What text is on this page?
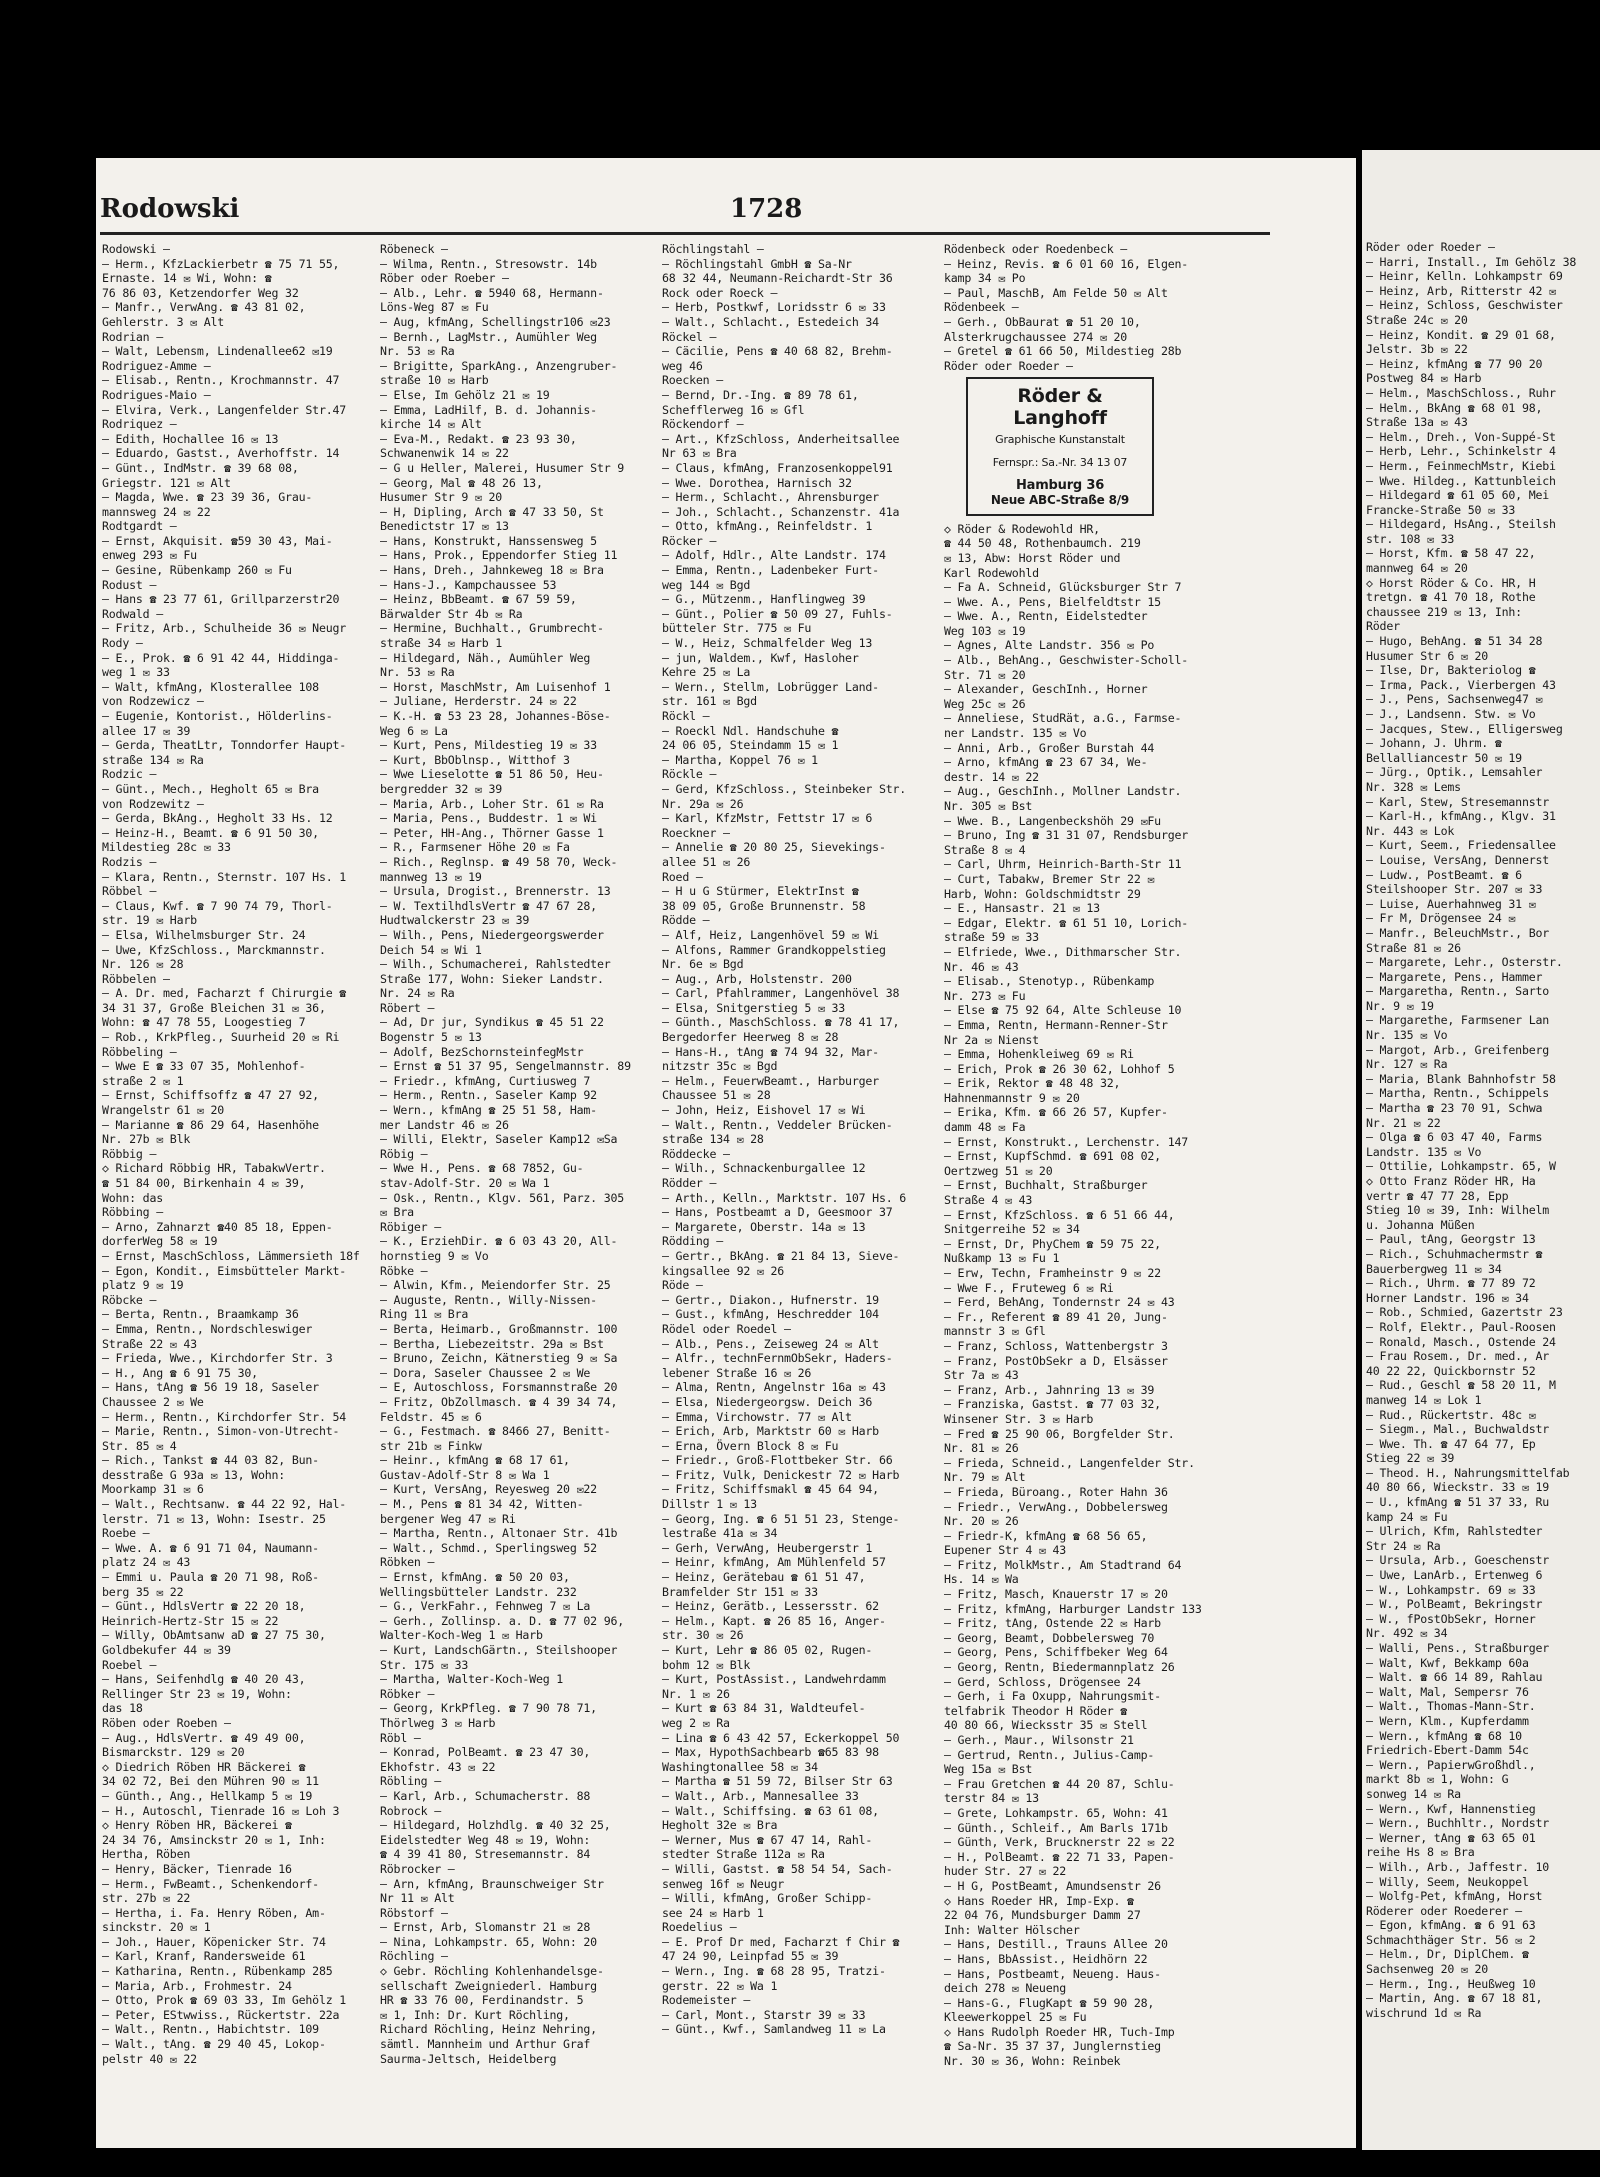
Rodowski	1728
Rodowski —
— Herm., KfzLackierbetr ☎ 75 71 55,
Ernaste. 14 ✉ Wi, Wohn: ☎
76 86 03, Ketzendorfer Weg 32
— Manfr., VerwAng. ☎ 43 81 02,
Gehlerstr. 3 ✉ Alt
Rodrian —
— Walt, Lebensm, Lindenallee62 ✉19
Rodriguez-Amme —
— Elisab., Rentn., Krochmannstr. 47
Rodrigues-Maio —
— Elvira, Verk., Langenfelder Str.47
Rodriquez —
— Edith, Hochallee 16 ✉ 13
— Eduardo, Gastst., Averhoffstr. 14
— Günt., IndMstr. ☎ 39 68 08,
Griegstr. 121 ✉ Alt
— Magda, Wwe. ☎ 23 39 36, Grau-
mannsweg 24 ✉ 22
Rodtgardt —
— Ernst, Akquisit. ☎59 30 43, Mai-
enweg 293 ✉ Fu
— Gesine, Rübenkamp 260 ✉ Fu
Rodust —
— Hans ☎ 23 77 61, Grillparzerstr20
Rodwald —
— Fritz, Arb., Schulheide 36 ✉ Neugr
Rody —
— E., Prok. ☎ 6 91 42 44, Hiddinga-
weg 1 ✉ 33
— Walt, kfmAng, Klosterallee 108
von Rodzewicz —
— Eugenie, Kontorist., Hölderlins-
allee 17 ✉ 39
— Gerda, TheatLtr, Tonndorfer Haupt-
straße 134 ✉ Ra
Rodzic —
— Günt., Mech., Hegholt 65 ✉ Bra
von Rodzewitz —
— Gerda, BkAng., Hegholt 33 Hs. 12
— Heinz-H., Beamt. ☎ 6 91 50 30,
Mildestieg 28c ✉ 33
Rodzis —
— Klara, Rentn., Sternstr. 107 Hs. 1
Röbbel —
— Claus, Kwf. ☎ 7 90 74 79, Thorl-
str. 19 ✉ Harb
— Elsa, Wilhelmsburger Str. 24
— Uwe, KfzSchloss., Marckmannstr.
Nr. 126 ✉ 28
Röbbelen —
— A. Dr. med, Facharzt f Chirurgie ☎
34 31 37, Große Bleichen 31 ✉ 36,
Wohn: ☎ 47 78 55, Loogestieg 7
— Rob., KrkPfleg., Suurheid 20 ✉ Ri
Röbbeling —
— Wwe E ☎ 33 07 35, Mohlenhof-
straße 2 ✉ 1
— Ernst, Schiffsoffz ☎ 47 27 92,
Wrangelstr 61 ✉ 20
— Marianne ☎ 86 29 64, Hasenhöhe
Nr. 27b ✉ Blk
Röbbig —
◇ Richard Röbbig HR, TabakwVertr.
☎ 51 84 00, Birkenhain 4 ✉ 39,
Wohn: das
Röbbing —
— Arno, Zahnarzt ☎40 85 18, Eppen-
dorferWeg 58 ✉ 19
— Ernst, MaschSchloss, Lämmersieth 18f
— Egon, Kondit., Eimsbütteler Markt-
platz 9 ✉ 19
Röbcke —
— Berta, Rentn., Braamkamp 36
— Emma, Rentn., Nordschleswiger
Straße 22 ✉ 43
— Frieda, Wwe., Kirchdorfer Str. 3
— H., Ang ☎ 6 91 75 30,
— Hans, tAng ☎ 56 19 18, Saseler
Chaussee 2 ✉ We
— Herm., Rentn., Kirchdorfer Str. 54
— Marie, Rentn., Simon-von-Utrecht-
Str. 85 ✉ 4
— Rich., Tankst ☎ 44 03 82, Bun-
desstraße G 93a ✉ 13, Wohn:
Moorkamp 31 ✉ 6
— Walt., Rechtsanw. ☎ 44 22 92, Hal-
lerstr. 71 ✉ 13, Wohn: Isestr. 25
Roebe —
— Wwe. A. ☎ 6 91 71 04, Naumann-
platz 24 ✉ 43
— Emmi u. Paula ☎ 20 71 98, Roß-
berg 35 ✉ 22
— Günt., HdlsVertr ☎ 22 20 18,
Heinrich-Hertz-Str 15 ✉ 22
— Willy, ObAmtsanw aD ☎ 27 75 30,
Goldbekufer 44 ✉ 39
Roebel —
— Hans, Seifenhdlg ☎ 40 20 43,
Rellinger Str 23 ✉ 19, Wohn:
das 18
Röben oder Roeben —
— Aug., HdlsVertr. ☎ 49 49 00,
Bismarckstr. 129 ✉ 20
◇ Diedrich Röben HR Bäckerei ☎
34 02 72, Bei den Mühren 90 ✉ 11
— Günth., Ang., Hellkamp 5 ✉ 19
— H., Autoschl, Tienrade 16 ✉ Loh 3
◇ Henry Röben HR, Bäckerei ☎
24 34 76, Amsinckstr 20 ✉ 1, Inh:
Hertha, Röben
— Henry, Bäcker, Tienrade 16
— Herm., FwBeamt., Schenkendorf-
str. 27b ✉ 22
— Hertha, i. Fa. Henry Röben, Am-
sinckstr. 20 ✉ 1
— Joh., Hauer, Köpenicker Str. 74
— Karl, Kranf, Randersweide 61
— Katharina, Rentn., Rübenkamp 285
— Maria, Arb., Frohmestr. 24
— Otto, Prok ☎ 69 03 33, Im Gehölz 1
— Peter, EStwwiss., Rückertstr. 22a
— Walt., Rentn., Habichtstr. 109
— Walt., tAng. ☎ 29 40 45, Lokop-
pelstr 40 ✉ 22
Röbeneck —
— Wilma, Rentn., Stresowstr. 14b
Röber oder Roeber —
— Alb., Lehr. ☎ 5940 68, Hermann-
Löns-Weg 87 ✉ Fu
— Aug, kfmAng, Schellingstr106 ✉23
— Bernh., LagMstr., Aumühler Weg
Nr. 53 ✉ Ra
— Brigitte, SparkAng., Anzengruber-
straße 10 ✉ Harb
— Else, Im Gehölz 21 ✉ 19
— Emma, LadHilf, B. d. Johannis-
kirche 14 ✉ Alt
— Eva-M., Redakt. ☎ 23 93 30,
Schwanenwik 14 ✉ 22
— G u Heller, Malerei, Husumer Str 9
— Georg, Mal ☎ 48 26 13,
Husumer Str 9 ✉ 20
— H, Dipling, Arch ☎ 47 33 50, St
Benedictstr 17 ✉ 13
— Hans, Konstrukt, Hanssensweg 5
— Hans, Prok., Eppendorfer Stieg 11
— Hans, Dreh., Jahnkeweg 18 ✉ Bra
— Hans-J., Kampchaussee 53
— Heinz, BbBeamt. ☎ 67 59 59,
Bärwalder Str 4b ✉ Ra
— Hermine, Buchhalt., Grumbrecht-
straße 34 ✉ Harb 1
— Hildegard, Näh., Aumühler Weg
Nr. 53 ✉ Ra
— Horst, MaschMstr, Am Luisenhof 1
— Juliane, Herderstr. 24 ✉ 22
— K.-H. ☎ 53 23 28, Johannes-Böse-
Weg 6 ✉ La
— Kurt, Pens, Mildestieg 19 ✉ 33
— Kurt, BbOblnsp., Witthof 3
— Wwe Lieselotte ☎ 51 86 50, Heu-
bergredder 32 ✉ 39
— Maria, Arb., Loher Str. 61 ✉ Ra
— Maria, Pens., Buddestr. 1 ✉ Wi
— Peter, HH-Ang., Thörner Gasse 1
— R., Farmsener Höhe 20 ✉ Fa
— Rich., Reglnsp. ☎ 49 58 70, Weck-
mannweg 13 ✉ 19
— Ursula, Drogist., Brennerstr. 13
— W. TextilhdlsVertr ☎ 47 67 28,
Hudtwalckerstr 23 ✉ 39
— Wilh., Pens, Niedergeorgswerder
Deich 54 ✉ Wi 1
— Wilh., Schumacherei, Rahlstedter
Straße 177, Wohn: Sieker Landstr.
Nr. 24 ✉ Ra
Röbert —
— Ad, Dr jur, Syndikus ☎ 45 51 22
Bogenstr 5 ✉ 13
— Adolf, BezSchornsteinfegMstr
— Ernst ☎ 51 37 95, Sengelmannstr. 89
— Friedr., kfmAng, Curtiusweg 7
— Herm., Rentn., Saseler Kamp 92
— Wern., kfmAng ☎ 25 51 58, Ham-
mer Landstr 46 ✉ 26
— Willi, Elektr, Saseler Kamp12 ✉Sa
Röbig —
— Wwe H., Pens. ☎ 68 7852, Gu-
stav-Adolf-Str. 20 ✉ Wa 1
— Osk., Rentn., Klgv. 561, Parz. 305
✉ Bra
Röbiger —
— K., ErziehDir. ☎ 6 03 43 20, All-
hornstieg 9 ✉ Vo
Röbke —
— Alwin, Kfm., Meiendorfer Str. 25
— Auguste, Rentn., Willy-Nissen-
Ring 11 ✉ Bra
— Berta, Heimarb., Großmannstr. 100
— Bertha, Liebezeitstr. 29a ✉ Bst
— Bruno, Zeichn, Kätnerstieg 9 ✉ Sa
— Dora, Saseler Chaussee 2 ✉ We
— E, Autoschloss, Forsmannstraße 20
— Fritz, ObZollmasch. ☎ 4 39 34 74,
Feldstr. 45 ✉ 6
— G., Festmach. ☎ 8466 27, Benitt-
str 21b ✉ Finkw
— Heinr., kfmAng ☎ 68 17 61,
Gustav-Adolf-Str 8 ✉ Wa 1
— Kurt, VersAng, Reyesweg 20 ✉22
— M., Pens ☎ 81 34 42, Witten-
bergener Weg 47 ✉ Ri
— Martha, Rentn., Altonaer Str. 41b
— Walt., Schmd., Sperlingsweg 52
Röbken —
— Ernst, kfmAng. ☎ 50 20 03,
Wellingsbütteler Landstr. 232
— G., VerkFahr., Fehnweg 7 ✉ La
— Gerh., Zollinsp. a. D. ☎ 77 02 96,
Walter-Koch-Weg 1 ✉ Harb
— Kurt, LandschGärtn., Steilshooper
Str. 175 ✉ 33
— Martha, Walter-Koch-Weg 1
Röbker —
— Georg, KrkPfleg. ☎ 7 90 78 71,
Thörlweg 3 ✉ Harb
Röbl —
— Konrad, PolBeamt. ☎ 23 47 30,
Ekhofstr. 43 ✉ 22
Röbling —
— Karl, Arb., Schumacherstr. 88
Robrock —
— Hildegard, Holzhdlg. ☎ 40 32 25,
Eidelstedter Weg 48 ✉ 19, Wohn:
☎ 4 39 41 80, Stresemannstr. 84
Röbrocker —
— Arn, kfmAng, Braunschweiger Str
Nr 11 ✉ Alt
Röbstorf —
— Ernst, Arb, Slomanstr 21 ✉ 28
— Nina, Lohkampstr. 65, Wohn: 20
Röchling —
◇ Gebr. Röchling Kohlenhandelsge-
sellschaft Zweigniederl. Hamburg
HR ☎ 33 76 00, Ferdinandstr. 5
✉ 1, Inh: Dr. Kurt Röchling,
Richard Röchling, Heinz Nehring,
sämtl. Mannheim und Arthur Graf
Saurma-Jeltsch, Heidelberg
Röchlingstahl —
— Röchlingstahl GmbH ☎ Sa-Nr
68 32 44, Neumann-Reichardt-Str 36
Rock oder Roeck —
— Herb, Postkwf, Loridsstr 6 ✉ 33
— Walt., Schlacht., Estedeich 34
Röckel —
— Cäcilie, Pens ☎ 40 68 82, Brehm-
weg 46
Roecken —
— Bernd, Dr.-Ing. ☎ 89 78 61,
Schefflerweg 16 ✉ Gfl
Röckendorf —
— Art., KfzSchloss, Anderheitsallee
Nr 63 ✉ Bra
— Claus, kfmAng, Franzosenkoppel91
— Wwe. Dorothea, Harnisch 32
— Herm., Schlacht., Ahrensburger
— Joh., Schlacht., Schanzenstr. 41a
— Otto, kfmAng., Reinfeldstr. 1
Röcker —
— Adolf, Hdlr., Alte Landstr. 174
— Emma, Rentn., Ladenbeker Furt-
weg 144 ✉ Bgd
— G., Mützenm., Hanflingweg 39
— Günt., Polier ☎ 50 09 27, Fuhls-
bütteler Str. 775 ✉ Fu
— W., Heiz, Schmalfelder Weg 13
— jun, Waldem., Kwf, Hasloher
Kehre 25 ✉ La
— Wern., Stellm, Lobrügger Land-
str. 161 ✉ Bgd
Röckl —
— Roeckl Ndl. Handschuhe ☎
24 06 05, Steindamm 15 ✉ 1
— Martha, Koppel 76 ✉ 1
Röckle —
— Gerd, KfzSchloss., Steinbeker Str.
Nr. 29a ✉ 26
— Karl, KfzMstr, Fettstr 17 ✉ 6
Roeckner —
— Annelie ☎ 20 80 25, Sievekings-
allee 51 ✉ 26
Roed —
— H u G Stürmer, ElektrInst ☎
38 09 05, Große Brunnenstr. 58
Rödde —
— Alf, Heiz, Langenhövel 59 ✉ Wi
— Alfons, Rammer Grandkoppelstieg
Nr. 6e ✉ Bgd
— Aug., Arb, Holstenstr. 200
— Carl, Pfahlrammer, Langenhövel 38
— Elsa, Snitgerstieg 5 ✉ 33
— Günth., MaschSchloss. ☎ 78 41 17,
Bergedorfer Heerweg 8 ✉ 28
— Hans-H., tAng ☎ 74 94 32, Mar-
nitzstr 35c ✉ Bgd
— Helm., FeuerwBeamt., Harburger
Chaussee 51 ✉ 28
— John, Heiz, Eishovel 17 ✉ Wi
— Walt., Rentn., Veddeler Brücken-
straße 134 ✉ 28
Röddecke —
— Wilh., Schnackenburgallee 12
Rödder —
— Arth., Kelln., Marktstr. 107 Hs. 6
— Hans, Postbeamt a D, Geesmoor 37
— Margarete, Oberstr. 14a ✉ 13
Rödding —
— Gertr., BkAng. ☎ 21 84 13, Sieve-
kingsallee 92 ✉ 26
Röde —
— Gertr., Diakon., Hufnerstr. 19
— Gust., kfmAng, Heschredder 104
Rödel oder Roedel —
— Alb., Pens., Zeiseweg 24 ✉ Alt
— Alfr., technFernmObSekr, Haders-
lebener Straße 16 ✉ 26
— Alma, Rentn, Angelnstr 16a ✉ 43
— Elsa, Niedergeorgsw. Deich 36
— Emma, Virchowstr. 77 ✉ Alt
— Erich, Arb, Marktstr 60 ✉ Harb
— Erna, Övern Block 8 ✉ Fu
— Friedr., Groß-Flottbeker Str. 66
— Fritz, Vulk, Denickestr 72 ✉ Harb
— Fritz, Schiffsmakl ☎ 45 64 94,
Dillstr 1 ✉ 13
— Georg, Ing. ☎ 6 51 51 23, Stenge-
lestraße 41a ✉ 34
— Gerh, VerwAng, Heubergerstr 1
— Heinr, kfmAng, Am Mühlenfeld 57
— Heinz, Gerätebau ☎ 61 51 47,
Bramfelder Str 151 ✉ 33
— Heinz, Gerätb., Lessersstr. 62
— Helm., Kapt. ☎ 26 85 16, Anger-
str. 30 ✉ 26
— Kurt, Lehr ☎ 86 05 02, Rugen-
bohm 12 ✉ Blk
— Kurt, PostAssist., Landwehrdamm
Nr. 1 ✉ 26
— Kurt ☎ 63 84 31, Waldteufel-
weg 2 ✉ Ra
— Lina ☎ 6 43 42 57, Eckerkoppel 50
— Max, HypothSachbearb ☎65 83 98
Washingtonallee 58 ✉ 34
— Martha ☎ 51 59 72, Bilser Str 63
— Walt., Arb., Mannesallee 33
— Walt., Schiffsing. ☎ 63 61 08,
Hegholt 32e ✉ Bra
— Werner, Mus ☎ 67 47 14, Rahl-
stedter Straße 112a ✉ Ra
— Willi, Gastst. ☎ 58 54 54, Sach-
senweg 16f ✉ Neugr
— Willi, kfmAng, Großer Schipp-
see 24 ✉ Harb 1
Roedelius —
— E. Prof Dr med, Facharzt f Chir ☎
47 24 90, Leinpfad 55 ✉ 39
— Wern., Ing. ☎ 68 28 95, Tratzi-
gerstr. 22 ✉ Wa 1
Rodemeister —
— Carl, Mont., Starstr 39 ✉ 33
— Günt., Kwf., Samlandweg 11 ✉ La
Rödenbeck oder Roedenbeck —
— Heinz, Revis. ☎ 6 01 60 16, Elgen-
kamp 34 ✉ Po
— Paul, MaschB, Am Felde 50 ✉ Alt
Rödenbeek —
— Gerh., ObBaurat ☎ 51 20 10,
Alsterkrugchaussee 274 ✉ 20
— Gretel ☎ 61 66 50, Mildestieg 28b
Röder oder Roeder —
Röder & Langhoff
Graphische Kunstanstalt
Fernspr.: Sa.-Nr. 34 13 07
Hamburg 36
Neue ABC-Straße 8/9
◇ Röder & Rodewohld HR,
☎ 44 50 48, Rothenbaumch. 219
✉ 13, Abw: Horst Röder und
Karl Rodewohld
— Fa A. Schneid, Glücksburger Str 7
— Wwe. A., Pens, Bielfeldtstr 15
— Wwe. A., Rentn, Eidelstedter
Weg 103 ✉ 19
— Agnes, Alte Landstr. 356 ✉ Po
— Alb., BehAng., Geschwister-Scholl-
Str. 71 ✉ 20
— Alexander, GeschInh., Horner
Weg 25c ✉ 26
— Anneliese, StudRät, a.G., Farmse-
ner Landstr. 135 ✉ Vo
— Anni, Arb., Großer Burstah 44
— Arno, kfmAng ☎ 23 67 34, We-
destr. 14 ✉ 22
— Aug., GeschInh., Mollner Landstr.
Nr. 305 ✉ Bst
— Wwe. B., Langenbeckshöh 29 ✉Fu
— Bruno, Ing ☎ 31 31 07, Rendsburger
Straße 8 ✉ 4
— Carl, Uhrm, Heinrich-Barth-Str 11
— Curt, Tabakw, Bremer Str 22 ✉
Harb, Wohn: Goldschmidtstr 29
— E., Hansastr. 21 ✉ 13
— Edgar, Elektr. ☎ 61 51 10, Lorich-
straße 59 ✉ 33
— Elfriede, Wwe., Dithmarscher Str.
Nr. 46 ✉ 43
— Elisab., Stenotyp., Rübenkamp
Nr. 273 ✉ Fu
— Else ☎ 75 92 64, Alte Schleuse 10
— Emma, Rentn, Hermann-Renner-Str
Nr 2a ✉ Nienst
— Emma, Hohenkleiweg 69 ✉ Ri
— Erich, Prok ☎ 26 30 62, Lohhof 5
— Erik, Rektor ☎ 48 48 32,
Hahnenmannstr 9 ✉ 20
— Erika, Kfm. ☎ 66 26 57, Kupfer-
damm 48 ✉ Fa
— Ernst, Konstrukt., Lerchenstr. 147
— Ernst, KupfSchmd. ☎ 691 08 02,
Oertzweg 51 ✉ 20
— Ernst, Buchhalt, Straßburger
Straße 4 ✉ 43
— Ernst, KfzSchloss. ☎ 6 51 66 44,
Snitgerreihe 52 ✉ 34
— Ernst, Dr, PhyChem ☎ 59 75 22,
Nußkamp 13 ✉ Fu 1
— Erw, Techn, Framheinstr 9 ✉ 22
— Wwe F., Fruteweg 6 ✉ Ri
— Ferd, BehAng, Tondernstr 24 ✉ 43
— Fr., Referent ☎ 89 41 20, Jung-
mannstr 3 ✉ Gfl
— Franz, Schloss, Wattenbergstr 3
— Franz, PostObSekr a D, Elsässer
Str 7a ✉ 43
— Franz, Arb., Jahnring 13 ✉ 39
— Franziska, Gastst. ☎ 77 03 32,
Winsener Str. 3 ✉ Harb
— Fred ☎ 25 90 06, Borgfelder Str.
Nr. 81 ✉ 26
— Frieda, Schneid., Langenfelder Str.
Nr. 79 ✉ Alt
— Frieda, Büroang., Roter Hahn 36
— Friedr., VerwAng., Dobbelersweg
Nr. 20 ✉ 26
— Friedr-K, kfmAng ☎ 68 56 65,
Eupener Str 4 ✉ 43
— Fritz, MolkMstr., Am Stadtrand 64
Hs. 14 ✉ Wa
— Fritz, Masch, Knauerstr 17 ✉ 20
— Fritz, kfmAng, Harburger Landstr 133
— Fritz, tAng, Ostende 22 ✉ Harb
— Georg, Beamt, Dobbelersweg 70
— Georg, Pens, Schiffbeker Weg 64
— Georg, Rentn, Biedermannplatz 26
— Gerd, Schloss, Drögensee 24
— Gerh, i Fa Oxupp, Nahrungsmit-
telfabrik Theodor H Röder ☎
40 80 66, Wiecksstr 35 ✉ Stell
— Gerh., Maur., Wilsonstr 21
— Gertrud, Rentn., Julius-Camp-
Weg 15a ✉ Bst
— Frau Gretchen ☎ 44 20 87, Schlu-
terstr 84 ✉ 13
— Grete, Lohkampstr. 65, Wohn: 41
— Günth., Schleif., Am Barls 171b
— Günth, Verk, Brucknerstr 22 ✉ 22
— H., PolBeamt. ☎ 22 71 33, Papen-
huder Str. 27 ✉ 22
— H G, PostBeamt, Amundsenstr 26
◇ Hans Roeder HR, Imp-Exp. ☎
22 04 76, Mundsburger Damm 27
Inh: Walter Hölscher
— Hans, Destill., Trauns Allee 20
— Hans, BbAssist., Heidhörn 22
— Hans, Postbeamt, Neueng. Haus-
deich 278 ✉ Neueng
— Hans-G., FlugKapt ☎ 59 90 28,
Kleewerkoppel 25 ✉ Fu
◇ Hans Rudolph Roeder HR, Tuch-Imp
☎ Sa-Nr. 35 37 37, Junglernstieg
Nr. 30 ✉ 36, Wohn: Reinbek
Röder oder Roeder —
— Harri, Install., Im Gehölz 38
— Heinr, Kelln. Lohkampstr 69
— Heinz, Arb, Ritterstr 42 ✉
— Heinz, Schloss, Geschwister
Straße 24c ✉ 20
— Heinz, Kondit. ☎ 29 01 68,
Jelstr. 3b ✉ 22
— Heinz, kfmAng ☎ 77 90 20
Postweg 84 ✉ Harb
— Helm., MaschSchloss., Ruhr
— Helm., BkAng ☎ 68 01 98,
Straße 13a ✉ 43
— Helm., Dreh., Von-Suppé-St
— Herb, Lehr., Schinkelstr 4
— Herm., FeinmechMstr, Kiebi
— Wwe. Hildeg., Kattunbleich
— Hildegard ☎ 61 05 60, Mei
Francke-Straße 50 ✉ 33
— Hildegard, HsAng., Steilsh
str. 108 ✉ 33
— Horst, Kfm. ☎ 58 47 22,
mannweg 64 ✉ 20
◇ Horst Röder & Co. HR, H
tretgn. ☎ 41 70 18, Rothe
chaussee 219 ✉ 13, Inh:
Röder
— Hugo, BehAng. ☎ 51 34 28
Husumer Str 6 ✉ 20
— Ilse, Dr, Bakteriolog ☎
— Irma, Pack., Vierbergen 43
— J., Pens, Sachsenweg47 ✉
— J., Landsenn. Stw. ✉ Vo
— Jacques, Stew., Elligersweg
— Johann, J. Uhrm. ☎
Bellalliancestr 50 ✉ 19
— Jürg., Optik., Lemsahler
Nr. 328 ✉ Lems
— Karl, Stew, Stresemannstr
— Karl-H., kfmAng., Klgv. 31
Nr. 443 ✉ Lok
— Kurt, Seem., Friedensallee
— Louise, VersAng, Dennerst
— Ludw., PostBeamt. ☎ 6
Steilshooper Str. 207 ✉ 33
— Luise, Auerhahnweg 31 ✉
— Fr M, Drögensee 24 ✉
— Manfr., BeleuchMstr., Bor
Straße 81 ✉ 26
— Margarete, Lehr., Osterstr.
— Margarete, Pens., Hammer
— Margaretha, Rentn., Sarto
Nr. 9 ✉ 19
— Margarethe, Farmsener Lan
Nr. 135 ✉ Vo
— Margot, Arb., Greifenberg
Nr. 127 ✉ Ra
— Maria, Blank Bahnhofstr 58
— Martha, Rentn., Schippels
— Martha ☎ 23 70 91, Schwa
Nr. 21 ✉ 22
— Olga ☎ 6 03 47 40, Farms
Landstr. 135 ✉ Vo
— Ottilie, Lohkampstr. 65, W
◇ Otto Franz Röder HR, Ha
vertr ☎ 47 77 28, Epp
Stieg 10 ✉ 39, Inh: Wilhelm
u. Johanna Müßen
— Paul, tAng, Georgstr 13
— Rich., Schuhmachermstr ☎
Bauerbergweg 11 ✉ 34
— Rich., Uhrm. ☎ 77 89 72
Horner Landstr. 196 ✉ 34
— Rob., Schmied, Gazertstr 23
— Rolf, Elektr., Paul-Roosen
— Ronald, Masch., Ostende 24
— Frau Rosem., Dr. med., Ar
40 22 22, Quickbornstr 52
— Rud., Geschl ☎ 58 20 11, M
manweg 14 ✉ Lok 1
— Rud., Rückertstr. 48c ✉
— Siegm., Mal., Buchwaldstr
— Wwe. Th. ☎ 47 64 77, Ep
Stieg 22 ✉ 39
— Theod. H., Nahrungsmittelfab
40 80 66, Wieckstr. 33 ✉ 19
— U., kfmAng ☎ 51 37 33, Ru
kamp 24 ✉ Fu
— Ulrich, Kfm, Rahlstedter
Str 24 ✉ Ra
— Ursula, Arb., Goeschenstr
— Uwe, LanArb., Ertenweg 6
— W., Lohkampstr. 69 ✉ 33
— W., PolBeamt, Bekringstr
— W., fPostObSekr, Horner
Nr. 492 ✉ 34
— Walli, Pens., Straßburger
— Walt, Kwf, Bekkamp 60a
— Walt. ☎ 66 14 89, Rahlau
— Walt, Mal, Sempersr 76
— Walt., Thomas-Mann-Str.
— Wern, Klm., Kupferdamm
— Wern., kfmAng ☎ 68 10
Friedrich-Ebert-Damm 54c
— Wern., PapierwGroßhdl.,
markt 8b ✉ 1, Wohn: G
sonweg 14 ✉ Ra
— Wern., Kwf, Hannenstieg
— Wern., Buchhltr., Nordstr
— Werner, tAng ☎ 63 65 01
reihe Hs 8 ✉ Bra
— Wilh., Arb., Jaffestr. 10
— Willy, Seem, Neukoppel
— Wolfg-Pet, kfmAng, Horst
Röderer oder Roederer —
— Egon, kfmAng. ☎ 6 91 63
Schmachthäger Str. 56 ✉ 2
— Helm., Dr, DiplChem. ☎
Sachsenweg 20 ✉ 20
— Herm., Ing., Heußweg 10
— Martin, Ang. ☎ 67 18 81,
wischrund 1d ✉ Ra
